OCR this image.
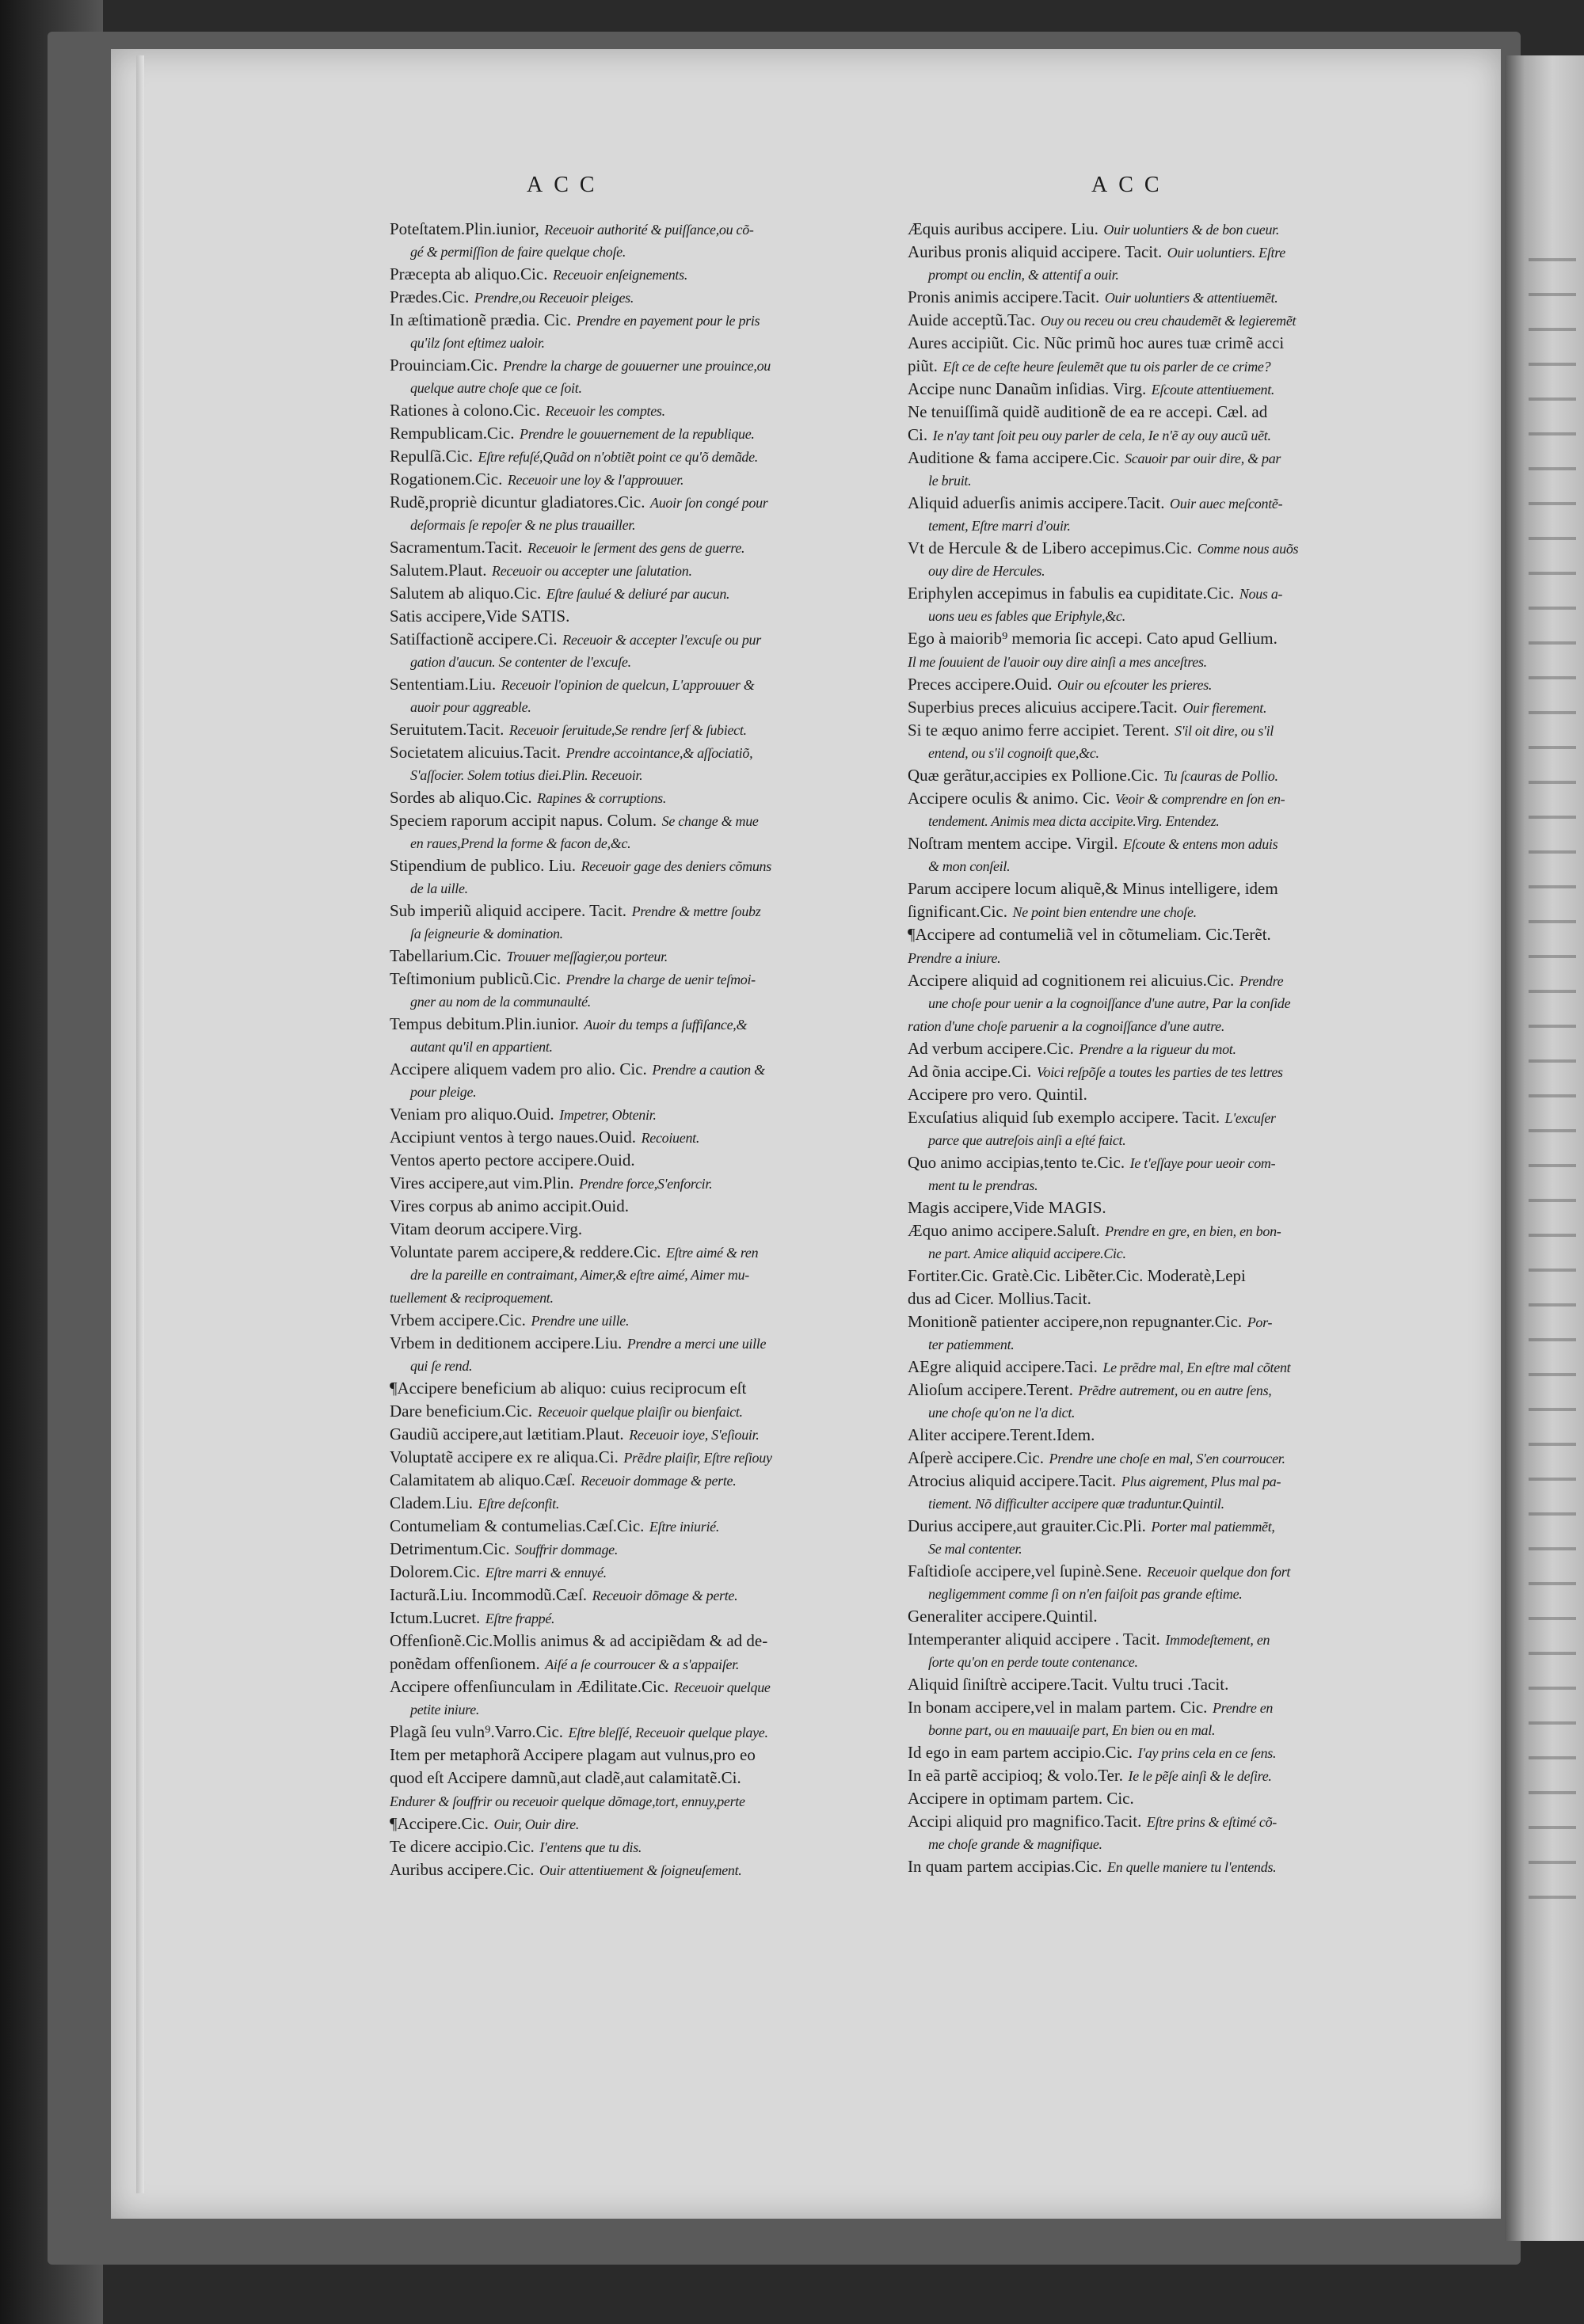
ACC	ACC
Poteſtatem.Plin.iunior, Receuoir authorité & puiſſance,ou cõ-
gé & permiſſion de faire quelque choſe.
Præcepta ab aliquo.Cic. Receuoir enſeignements.
Prædes.Cic. Prendre,ou Receuoir pleiges.
In æſtimationẽ prædia. Cic. Prendre en payement pour le pris
qu'ilz ſont eſtimez ualoir.
Prouinciam.Cic. Prendre la charge de gouuerner une prouince,ou
quelque autre choſe que ce ſoit.
Rationes à colono.Cic. Receuoir les comptes.
Rempublicam.Cic. Prendre le gouuernement de la republique.
Repulſã.Cic. Eſtre refuſé,Quãd on n'obtiẽt point ce qu'õ demãde.
Rogationem.Cic. Receuoir une loy & l'approuuer.
Rudẽ,propriè dicuntur gladiatores.Cic. Auoir ſon congé pour
deſormais ſe repoſer & ne plus trauailler.
Sacramentum.Tacit. Receuoir le ſerment des gens de guerre.
Salutem.Plaut. Receuoir ou accepter une ſalutation.
Salutem ab aliquo.Cic. Eſtre ſaulué & deliuré par aucun.
Satis accipere,Vide SATIS.
Satiſfactionẽ accipere.Ci. Receuoir & accepter l'excuſe ou pur
gation d'aucun. Se contenter de l'excuſe.
Sententiam.Liu. Receuoir l'opinion de quelcun, L'approuuer &
auoir pour aggreable.
Seruitutem.Tacit. Receuoir ſeruitude,Se rendre ſerf & ſubiect.
Societatem alicuius.Tacit. Prendre accointance,& aſſociatiõ,
S'aſſocier. Solem totius diei.Plin. Receuoir.
Sordes ab aliquo.Cic. Rapines & corruptions.
Speciem raporum accipit napus. Colum. Se change & mue
en raues,Prend la forme & facon de,&c.
Stipendium de publico. Liu. Receuoir gage des deniers cõmuns
de la uille.
Sub imperiũ aliquid accipere. Tacit. Prendre & mettre ſoubz
ſa ſeigneurie & domination.
Tabellarium.Cic. Trouuer meſſagier,ou porteur.
Teſtimonium publicũ.Cic. Prendre la charge de uenir teſmoi-
gner au nom de la communaulté.
Tempus debitum.Plin.iunior. Auoir du temps a ſuffiſance,&
autant qu'il en appartient.
Accipere aliquem vadem pro alio. Cic. Prendre a caution &
pour pleige.
Veniam pro aliquo.Ouid. Impetrer, Obtenir.
Accipiunt ventos à tergo naues.Ouid. Recoiuent.
Ventos aperto pectore accipere.Ouid.
Vires accipere,aut vim.Plin. Prendre force,S'enforcir.
Vires corpus ab animo accipit.Ouid.
Vitam deorum accipere.Virg.
Voluntate parem accipere,& reddere.Cic. Eſtre aimé & ren
dre la pareille en contraimant, Aimer,& eſtre aimé, Aimer mu-
tuellement & reciproquement.
Vrbem accipere.Cic. Prendre une uille.
Vrbem in deditionem accipere.Liu. Prendre a merci une uille
qui ſe rend.
¶Accipere beneficium ab aliquo: cuius reciprocum eſt
Dare beneficium.Cic. Receuoir quelque plaiſir ou bienfaict.
Gaudiũ accipere,aut lætitiam.Plaut. Receuoir ioye, S'eſiouir.
Voluptatẽ accipere ex re aliqua.Ci. Prẽdre plaiſir, Eſtre reſiouy
Calamitatem ab aliquo.Cæſ. Receuoir dommage & perte.
Cladem.Liu. Eſtre deſconfit.
Contumeliam & contumelias.Cæſ.Cic. Eſtre iniurié.
Detrimentum.Cic. Souffrir dommage.
Dolorem.Cic. Eſtre marri & ennuyé.
Iacturã.Liu. Incommodũ.Cæſ. Receuoir dõmage & perte.
Ictum.Lucret. Eſtre frappé.
Offenſionẽ.Cic.Mollis animus & ad accipiẽdam & ad de-
ponẽdam offenſionem. Aiſé a ſe courroucer & a s'appaiſer.
Accipere offenſiunculam in Ædilitate.Cic. Receuoir quelque
petite iniure.
Plagã ſeu vuln⁹.Varro.Cic. Eſtre bleſſé, Receuoir quelque playe.
Item per metaphorã Accipere plagam aut vulnus,pro eo
quod eſt Accipere damnũ,aut cladẽ,aut calamitatẽ.Ci.
Endurer & ſouffrir ou receuoir quelque dõmage,tort, ennuy,perte
¶Accipere.Cic. Ouir, Ouir dire.
Te dicere accipio.Cic. I'entens que tu dis.
Auribus accipere.Cic. Ouir attentiuement & ſoigneuſement.
Æquis auribus accipere. Liu. Ouir uoluntiers & de bon cueur.
Auribus pronis aliquid accipere. Tacit. Ouir uoluntiers. Eſtre
prompt ou enclin, & attentif a ouir.
Pronis animis accipere.Tacit. Ouir uoluntiers & attentiuemẽt.
Auide acceptũ.Tac. Ouy ou receu ou creu chaudemẽt & legieremẽt
Aures accipiũt. Cic. Nũc primũ hoc aures tuæ crimẽ acci
piũt. Eſt ce de ceſte heure ſeulemẽt que tu ois parler de ce crime?
Accipe nunc Danaũm inſidias. Virg. Eſcoute attentiuement.
Ne tenuiſſimã quidẽ auditionẽ de ea re accepi. Cæl. ad
Ci. Ie n'ay tant ſoit peu ouy parler de cela, Ie n'ẽ ay ouy aucũ uẽt.
Auditione & fama accipere.Cic. Scauoir par ouir dire, & par
le bruit.
Aliquid aduerſis animis accipere.Tacit. Ouir auec meſcontẽ-
tement, Eſtre marri d'ouir.
Vt de Hercule & de Libero accepimus.Cic. Comme nous auõs
ouy dire de Hercules.
Eriphylen accepimus in fabulis ea cupiditate.Cic. Nous a-
uons ueu es fables que Eriphyle,&c.
Ego à maiorib⁹ memoria ſic accepi. Cato apud Gellium.
Il me ſouuient de l'auoir ouy dire ainſi a mes anceſtres.
Preces accipere.Ouid. Ouir ou eſcouter les prieres.
Superbius preces alicuius accipere.Tacit. Ouir fierement.
Si te æquo animo ferre accipiet. Terent. S'il oit dire, ou s'il
entend, ou s'il cognoiſt que,&c.
Quæ gerãtur,accipies ex Pollione.Cic. Tu ſcauras de Pollio.
Accipere oculis & animo. Cic. Veoir & comprendre en ſon en-
tendement. Animis mea dicta accipite.Virg. Entendez.
Noſtram mentem accipe. Virgil. Eſcoute & entens mon aduis
& mon conſeil.
Parum accipere locum aliquẽ,& Minus intelligere, idem
ſignificant.Cic. Ne point bien entendre une choſe.
¶Accipere ad contumeliã vel in cõtumeliam. Cic.Terẽt.
Prendre a iniure.
Accipere aliquid ad cognitionem rei alicuius.Cic. Prendre
une choſe pour uenir a la cognoiſſance d'une autre, Par la conſide
ration d'une choſe paruenir a la cognoiſſance d'une autre.
Ad verbum accipere.Cic. Prendre a la rigueur du mot.
Ad õnia accipe.Ci. Voici reſpõſe a toutes les parties de tes lettres
Accipere pro vero. Quintil.
Excuſatius aliquid ſub exemplo accipere. Tacit. L'excuſer
parce que autreſois ainſi a eſté faict.
Quo animo accipias,tento te.Cic. Ie t'eſſaye pour ueoir com-
ment tu le prendras.
Magis accipere,Vide MAGIS.
Æquo animo accipere.Saluſt. Prendre en gre, en bien, en bon-
ne part. Amice aliquid accipere.Cic.
Fortiter.Cic. Gratè.Cic. Libẽter.Cic. Moderatè,Lepi
dus ad Cicer. Mollius.Tacit.
Monitionẽ patienter accipere,non repugnanter.Cic. Por-
ter patiemment.
AEgre aliquid accipere.Taci. Le prẽdre mal, En eſtre mal cõtent
Alioſum accipere.Terent. Prẽdre autrement, ou en autre ſens,
une choſe qu'on ne l'a dict.
Aliter accipere.Terent.Idem.
Aſperè accipere.Cic. Prendre une choſe en mal, S'en courroucer.
Atrocius aliquid accipere.Tacit. Plus aigrement, Plus mal pa-
tiement. Nõ difficulter accipere quæ traduntur.Quintil.
Durius accipere,aut grauiter.Cic.Pli. Porter mal patiemmẽt,
Se mal contenter.
Faſtidioſe accipere,vel ſupinè.Sene. Receuoir quelque don fort
negligemment comme ſi on n'en faiſoit pas grande eſtime.
Generaliter accipere.Quintil.
Intemperanter aliquid accipere . Tacit. Immodeſtement, en
ſorte qu'on en perde toute contenance.
Aliquid ſiniſtrè accipere.Tacit. Vultu truci .Tacit.
In bonam accipere,vel in malam partem. Cic. Prendre en
bonne part, ou en mauuaiſe part, En bien ou en mal.
Id ego in eam partem accipio.Cic. I'ay prins cela en ce ſens.
In eã partẽ accipioq; & volo.Ter. Ie le pẽſe ainſi & le deſire.
Accipere in optimam partem. Cic.
Accipi aliquid pro magnifico.Tacit. Eſtre prins & eſtimé cõ-
me choſe grande & magnifique.
In quam partem accipias.Cic. En quelle maniere tu l'entends.
